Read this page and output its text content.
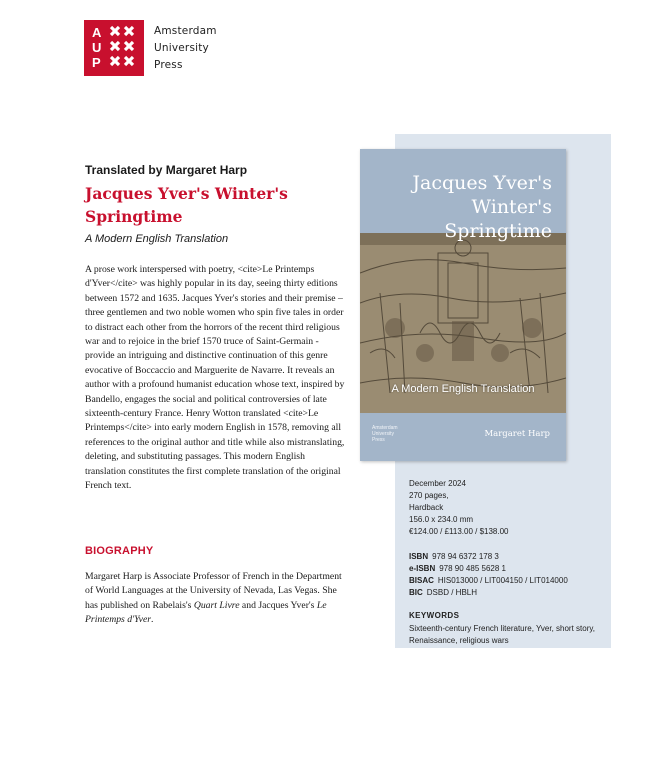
A
U
P
Amsterdam
University
Press
Translated by Margaret Harp
Jacques Yver's Winter's
Springtime
A Modern English Translation

A prose work interspersed with poetry, <cite>Le Printemps d'Yver</cite> was highly popular in its day, seeing thirty editions between 1572 and 1635. Jacques Yver's stories and their premise – three gentlemen and two noble women who spin five tales in order to distract each other from the horrors of the recent third religious war and to rejoice in the brief 1570 truce of Saint-Germain - provide an intriguing and distinctive continuation of this genre evocative of Boccaccio and Marguerite de Navarre. It reveals an author with a profound humanist education whose text, inspired by Bandello, engages the social and political controversies of late sixteenth-century France. Henry Wotton translated <cite>Le Printemps</cite> into early modern English in 1578, removing all references to the original author and title while also mistranslating, deleting, and substituting passages. This modern English translation constitutes the first complete translation of the original French text.

BIOGRAPHY

Margaret Harp is Associate Professor of French in the Department of World Languages at the University of Nevada, Las Vegas. She has published on Rabelais's Quart Livre and Jacques Yver's Le Printemps d'Yver.

Jacques Yver's
Winter's
Springtime
A Modern English Translation
Amsterdam
University
Press
Margaret Harp
December 2024
270 pages,
Hardback
156.0 x 234.0 mm
€124.00 / £113.00 / $138.00
ISBN 978 94 6372 178 3
e-ISBN 978 90 485 5628 1
BISAC HIS013000 / LIT004150 / LIT014000
BIC DSBD / HBLH
KEYWORDS
Sixteenth-century French literature, Yver, short story, Renaissance, religious wars
